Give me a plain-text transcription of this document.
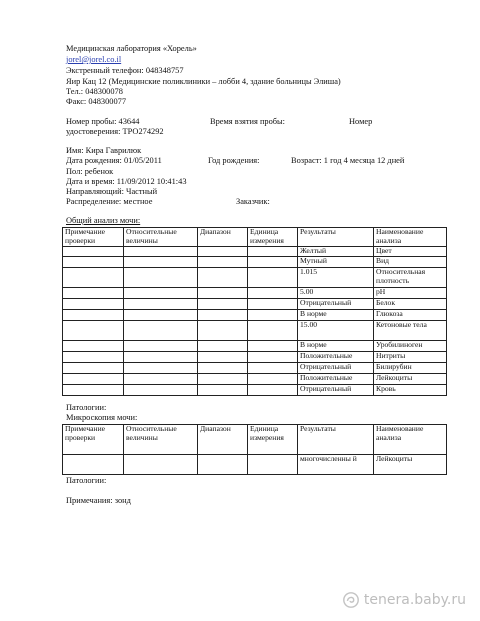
Медицинская лаборатория «Хорель»
jorel@jorel.co.il
Экстренный телефон: 048348757
Яир Кац 12 (Медицинские поликлиники – лобби 4, здание больницы Элиша)
Тел.: 048300078
Факс: 048300077
Номер пробы: 43644	Время взятия пробы:	Номер
удостоверения: ТРО274292
Имя: Кира Гаврилюк
Дата рождения: 01/05/2011	Год рождения:	Возраст: 1 год 4 месяца 12 дней
Пол: ребенок
Дата и время: 11/09/2012 10:41:43
Направляющий: Частный
Распределение: местное	Заказчик:
Общий анализ мочи:
Примечание проверки	Относительные величины	Диапазон	Единица измерения	Результаты	Наименование анализа
				Желтый	Цвет
				Мутный	Вид
				1.015	Относительная плотность
				5.00	pH
				Отрицательный	Белок
				В норме	Глюкоза
				15.00	Кетоновые тела
				В норме	Уробилиноген
				Положительные	Нитриты
				Отрицательный	Билирубин
				Положительные	Лейкоциты
				Отрицательный	Кровь
Патологии:
Микроскопия мочи:
Примечание проверки	Относительные величины	Диапазон	Единица измерения	Результаты	Наименование анализа
				многочисленны й	Лейкоциты
Патологии:
Примечания: зонд
tenera.baby.ru
